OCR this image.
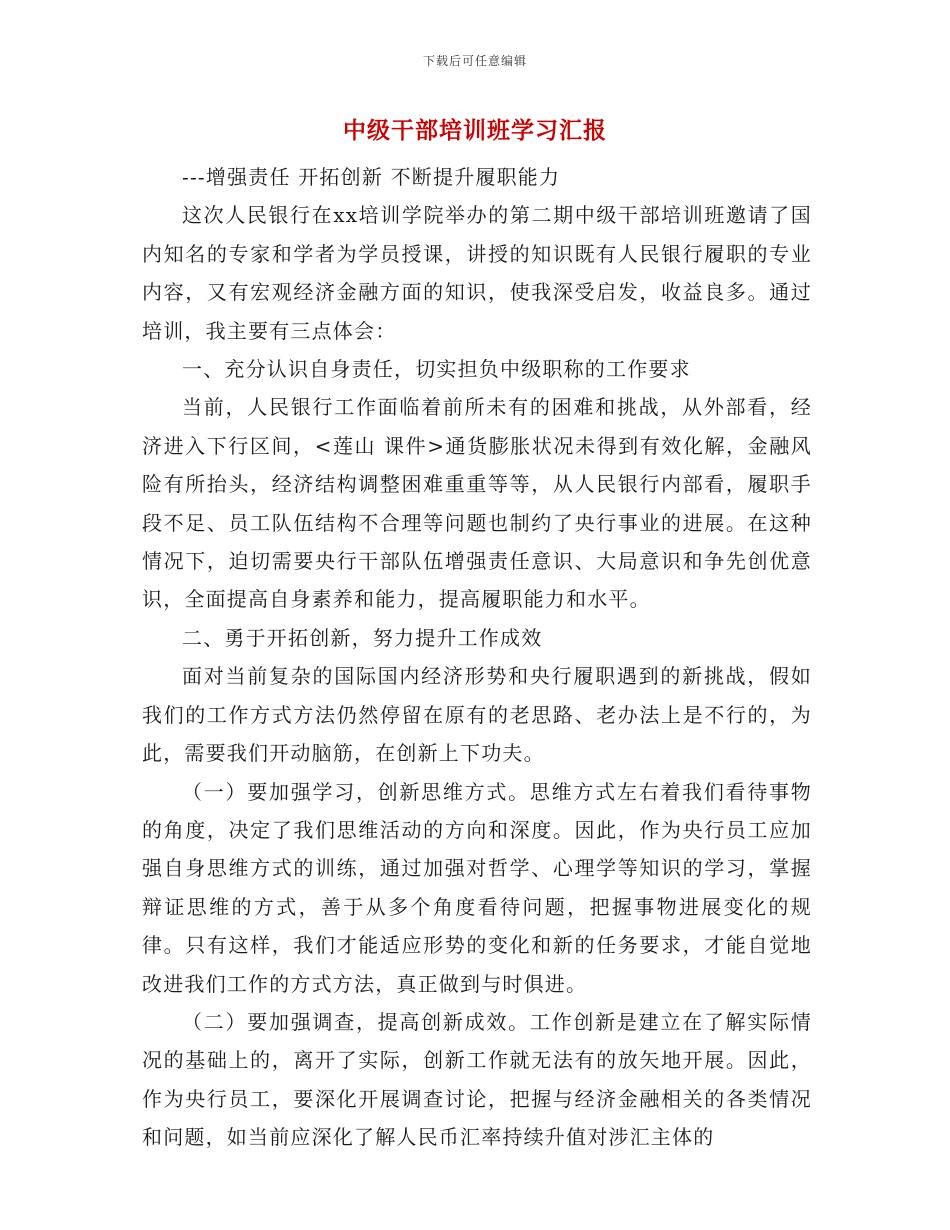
下载后可任意编辑
中级干部培训班学习汇报

---增强责任 开拓创新 不断提升履职能力

这次人民银行在xx培训学院举办的第二期中级干部培训班邀请了国内知名的专家和学者为学员授课，讲授的知识既有人民银行履职的专业内容，又有宏观经济金融方面的知识，使我深受启发，收益良多。通过培训，我主要有三点体会：

一、充分认识自身责任，切实担负中级职称的工作要求

当前，人民银行工作面临着前所未有的困难和挑战，从外部看，经济进入下行区间，<莲山 课件>通货膨胀状况未得到有效化解，金融风险有所抬头，经济结构调整困难重重等等，从人民银行内部看，履职手段不足、员工队伍结构不合理等问题也制约了央行事业的进展。在这种情况下，迫切需要央行干部队伍增强责任意识、大局意识和争先创优意识，全面提高自身素养和能力，提高履职能力和水平。

二、勇于开拓创新，努力提升工作成效

面对当前复杂的国际国内经济形势和央行履职遇到的新挑战，假如我们的工作方式方法仍然停留在原有的老思路、老办法上是不行的，为此，需要我们开动脑筋，在创新上下功夫。

（一）要加强学习，创新思维方式。思维方式左右着我们看待事物的角度，决定了我们思维活动的方向和深度。因此，作为央行员工应加强自身思维方式的训练，通过加强对哲学、心理学等知识的学习，掌握辩证思维的方式，善于从多个角度看待问题，把握事物进展变化的规律。只有这样，我们才能适应形势的变化和新的任务要求，才能自觉地改进我们工作的方式方法，真正做到与时俱进。

（二）要加强调查，提高创新成效。工作创新是建立在了解实际情况的基础上的，离开了实际，创新工作就无法有的放矢地开展。因此，作为央行员工，要深化开展调查讨论，把握与经济金融相关的各类情况和问题，如当前应深化了解人民币汇率持续升值对涉汇主体的
